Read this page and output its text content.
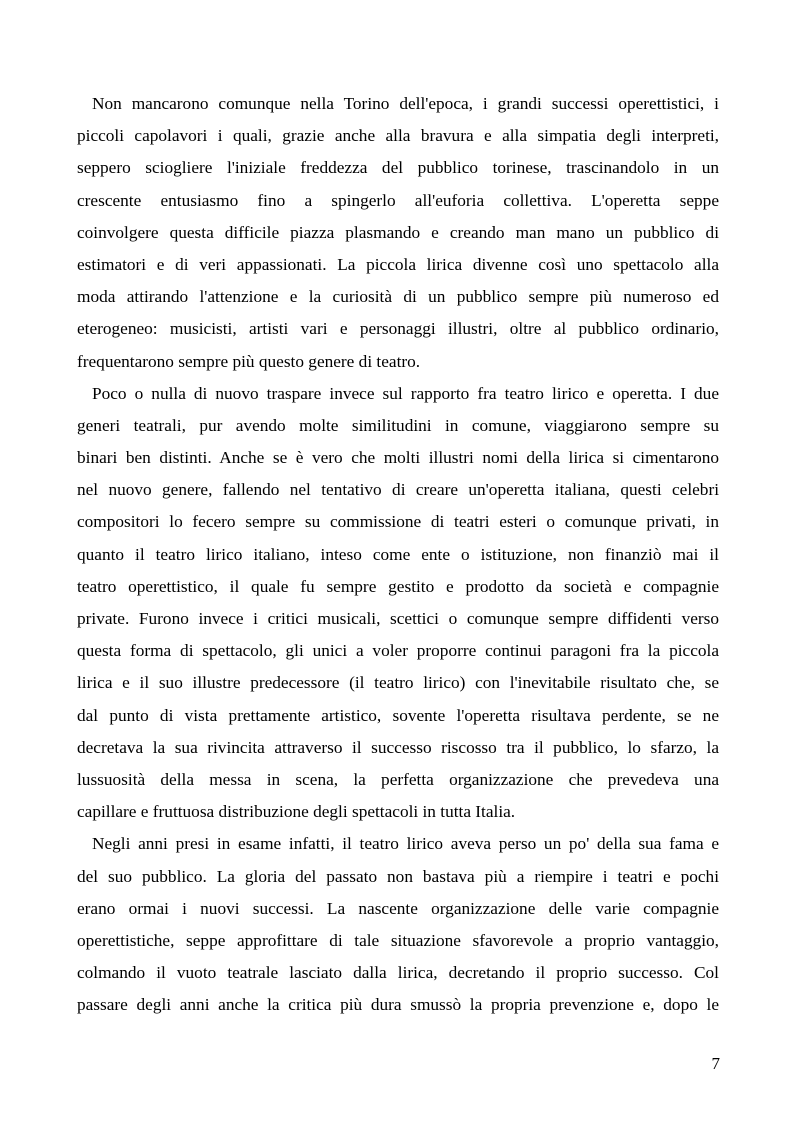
Non mancarono comunque nella Torino dell'epoca, i grandi successi operettistici, i
piccoli capolavori i quali, grazie anche alla bravura e alla simpatia degli interpreti,
seppero sciogliere l'iniziale freddezza del pubblico torinese, trascinandolo in un
crescente entusiasmo fino a spingerlo all'euforia collettiva. L'operetta seppe
coinvolgere questa difficile piazza plasmando e creando man mano un pubblico di
estimatori e di veri appassionati. La piccola lirica divenne così uno spettacolo alla
moda attirando l'attenzione e la curiosità di un pubblico sempre più numeroso ed
eterogeneo: musicisti, artisti vari e personaggi illustri, oltre al pubblico ordinario,
frequentarono sempre più questo genere di teatro.
Poco o nulla di nuovo traspare invece sul rapporto fra teatro lirico e operetta. I due
generi teatrali, pur avendo molte similitudini in comune, viaggiarono sempre su
binari ben distinti. Anche se è vero che molti illustri nomi della lirica si cimentarono
nel nuovo genere, fallendo nel tentativo di creare un'operetta italiana, questi celebri
compositori lo fecero sempre su commissione di teatri esteri o comunque privati, in
quanto il teatro lirico italiano, inteso come ente o istituzione, non finanziò mai il
teatro operettistico, il quale fu sempre gestito e prodotto da società e compagnie
private. Furono invece i critici musicali, scettici o comunque sempre diffidenti verso
questa forma di spettacolo, gli unici a voler proporre continui paragoni fra la piccola
lirica e il suo illustre predecessore (il teatro lirico) con l'inevitabile risultato che, se
dal punto di vista prettamente artistico, sovente l'operetta risultava perdente, se ne
decretava la sua rivincita attraverso il successo riscosso tra il pubblico, lo sfarzo, la
lussuosità della messa in scena, la perfetta organizzazione che prevedeva una
capillare e fruttuosa distribuzione degli spettacoli in tutta Italia.
Negli anni presi in esame infatti, il teatro lirico aveva perso un po' della sua fama e
del suo pubblico. La gloria del passato non bastava più a riempire i teatri e pochi
erano ormai i nuovi successi. La nascente organizzazione delle varie compagnie
operettistiche, seppe approfittare di tale situazione sfavorevole a proprio vantaggio,
colmando il vuoto teatrale lasciato dalla lirica, decretando il proprio successo. Col
passare degli anni anche la critica più dura smussò la propria prevenzione e, dopo le
7
